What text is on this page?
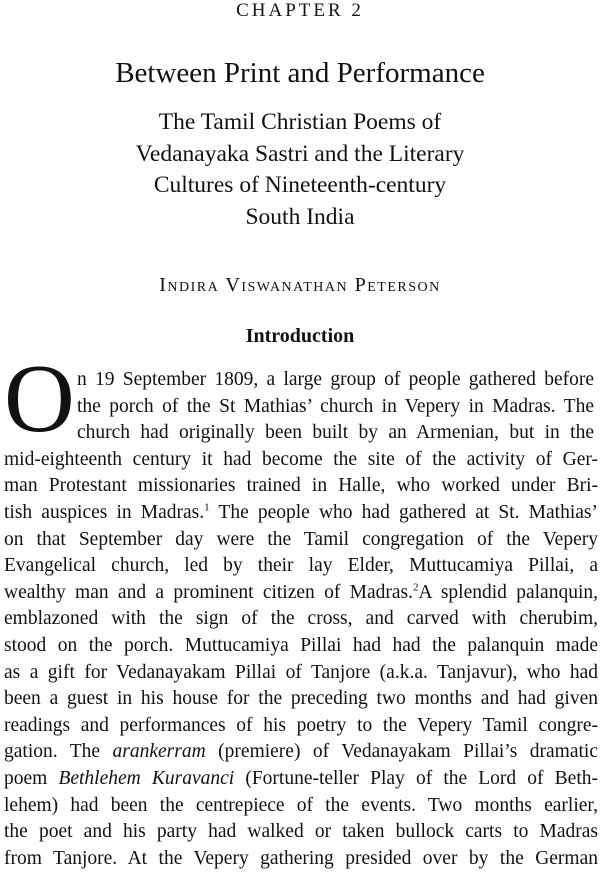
CHAPTER 2
Between Print and Performance
The Tamil Christian Poems of
Vedanayaka Sastri and the Literary
Cultures of Nineteenth-century
South India
Indira Viswanathan Peterson
Introduction
O n 19 September 1809, a large group of people gathered before
the porch of the St Mathias’ church in Vepery in Madras. The
church had originally been built by an Armenian, but in the
mid-eighteenth century it had become the site of the activity of Ger-
man Protestant missionaries trained in Halle, who worked under Bri-
tish auspices in Madras.$^1$ The people who had gathered at St. Mathias’
on that September day were the Tamil congregation of the Vepery
Evangelical church, led by their lay Elder, Muttucamiya Pillai, a
wealthy man and a prominent citizen of Madras.$^2$A splendid palanquin,
emblazoned with the sign of the cross, and carved with cherubim,
stood on the porch. Muttucamiya Pillai had had the palanquin made
as a gift for Vedanayakam Pillai of Tanjore (a.k.a. Tanjavur), who had
been a guest in his house for the preceding two months and had given
readings and performances of his poetry to the Vepery Tamil congre-
gation. The arankerram (premiere) of Vedanayakam Pillai’s dramatic
poem Bethlehem Kuravanci (Fortune-teller Play of the Lord of Beth-
lehem) had been the centrepiece of the events. Two months earlier,
the poet and his party had walked or taken bullock carts to Madras
from Tanjore. At the Vepery gathering presided over by the German
